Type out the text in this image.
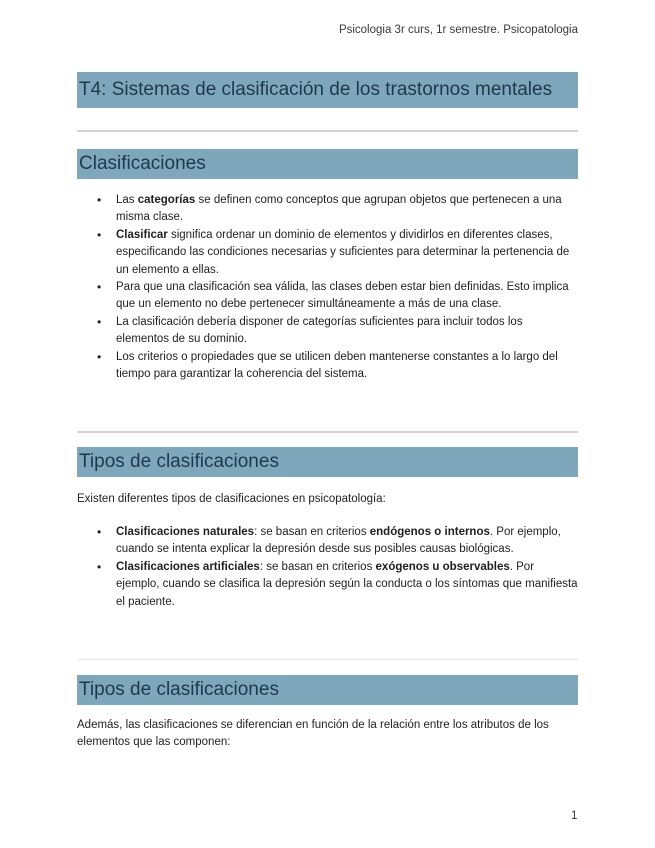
Psicologia 3r curs, 1r semestre. Psicopatologia
T4: Sistemas de clasificación de los trastornos mentales
Clasificaciones
• Las categorías se definen como conceptos que agrupan objetos que pertenecen a una misma clase.
• Clasificar significa ordenar un dominio de elementos y dividirlos en diferentes clases, especificando las condiciones necesarias y suficientes para determinar la pertenencia de un elemento a ellas.
• Para que una clasificación sea válida, las clases deben estar bien definidas. Esto implica que un elemento no debe pertenecer simultáneamente a más de una clase.
• La clasificación debería disponer de categorías suficientes para incluir todos los elementos de su dominio.
• Los criterios o propiedades que se utilicen deben mantenerse constantes a lo largo del tiempo para garantizar la coherencia del sistema.
Tipos de clasificaciones

Existen diferentes tipos de clasificaciones en psicopatología:

• Clasificaciones naturales: se basan en criterios endógenos o internos. Por ejemplo, cuando se intenta explicar la depresión desde sus posibles causas biológicas.
• Clasificaciones artificiales: se basan en criterios exógenos u observables. Por ejemplo, cuando se clasifica la depresión según la conducta o los síntomas que manifiesta el paciente.
Tipos de clasificaciones

Además, las clasificaciones se diferencian en función de la relación entre los atributos de los elementos que las componen:

1
